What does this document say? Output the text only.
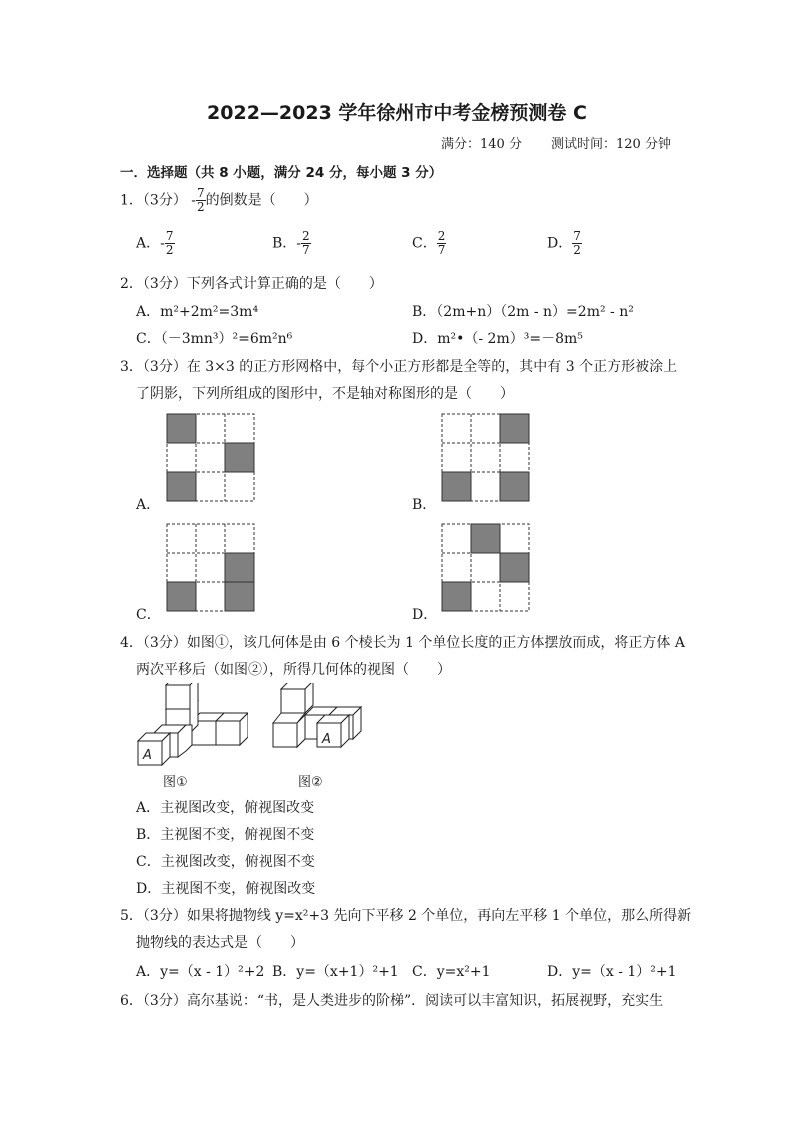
2022—2023 学年徐州市中考金榜预测卷 C
满分：140 分 测试时间：120 分钟
一．选择题（共 8 小题，满分 24 分，每小题 3 分）
1．（3分） - $\frac{7}{2}$ 的倒数是（　　）
A．- $\frac{7}{2}$	B．- $\frac{2}{7}$	C． $\frac{2}{7}$	D． $\frac{7}{2}$
2．（3分）下列各式计算正确的是（　　）
A．m²+2m²=3m⁴	B．（2m+n）（2m - n）=2m² - n²
C．（－3mn³）²=6m²n⁶	D．m²•（- 2m）³=－8m⁵
3．（3分）在 3×3 的正方形网格中，每个小正方形都是全等的，其中有 3 个正方形被涂上
了阴影，下列所组成的图形中，不是轴对称图形的是（　　）
A．	B．
C．	D．
4．（3分）如图①，该几何体是由 6 个棱长为 1 个单位长度的正方体摆放而成，将正方体 A
两次平移后（如图②），所得几何体的视图（　　）
A
A
图①	图②
A．主视图改变，俯视图改变
B．主视图不变，俯视图不变
C．主视图改变，俯视图不变
D．主视图不变，俯视图改变
5．（3分）如果将抛物线 y=x²+3 先向下平移 2 个单位，再向左平移 1 个单位，那么所得新
抛物线的表达式是（　　）
A．y=（x - 1）²+2 B．y=（x+1）²+1 C．y=x²+1	D．y=（x - 1）²+1
6．（3分）高尔基说：“书，是人类进步的阶梯”．阅读可以丰富知识，拓展视野，充实生
